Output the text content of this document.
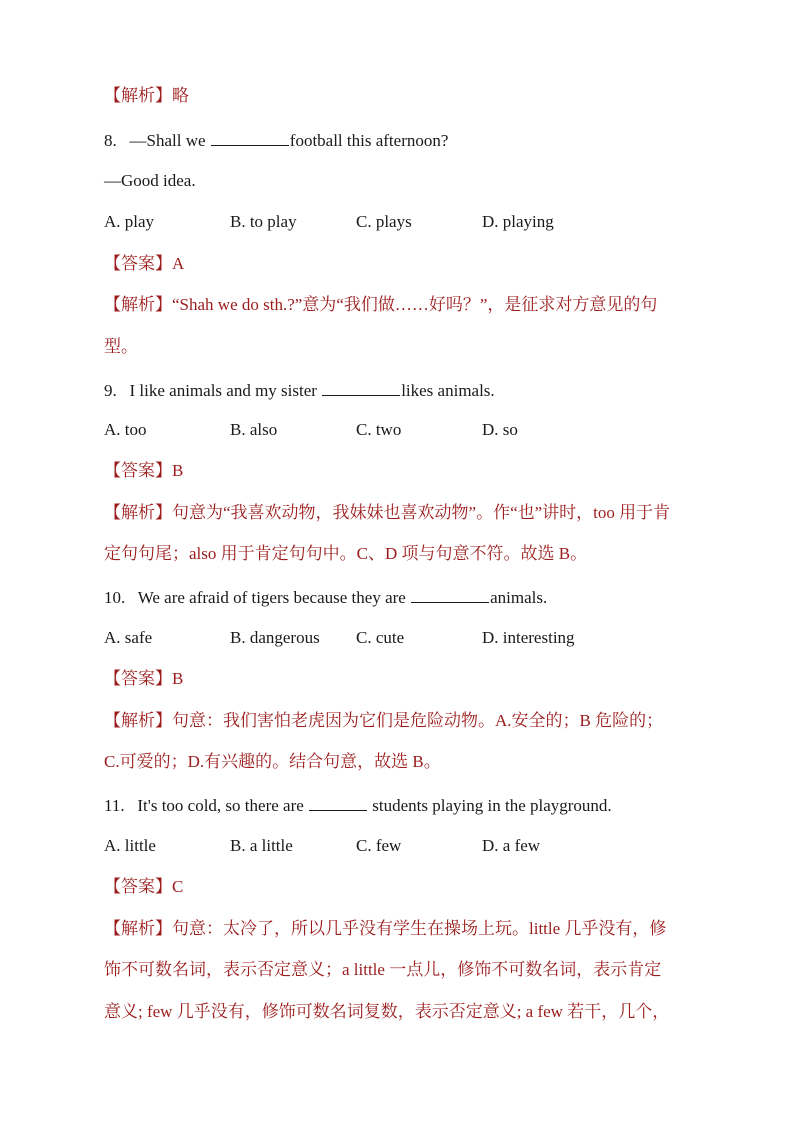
【解析】略
8. —Shall we	football this afternoon?
—Good idea.
A. play	B. to play	C. plays	D. playing
【答案】A
【解析】“Shah we do sth.?”意为“我们做……好吗？”，是征求对方意见的句
型。
9. I like animals and my sister	likes animals.
A. too	B. also	C. two	D. so
【答案】B
【解析】句意为“我喜欢动物，我妹妹也喜欢动物”。作“也”讲时，too 用于肯
定句句尾；also 用于肯定句句中。C、D 项与句意不符。故选 B。
10. We are afraid of tigers because they are	animals.
A. safe	B. dangerous C. cute	D. interesting
【答案】B
【解析】句意：我们害怕老虎因为它们是危险动物。A.安全的；B 危险的；
C.可爱的；D.有兴趣的。结合句意，故选 B。
11. It's too cold, so there are	students playing in the playground.
A. little	B. a little	C. few	D. a few
【答案】C
【解析】句意：太冷了，所以几乎没有学生在操场上玩。little 几乎没有，修
饰不可数名词，表示否定意义；a little 一点儿，修饰不可数名词，表示肯定
意义; few 几乎没有，修饰可数名词复数，表示否定意义; a few 若干，几个，
